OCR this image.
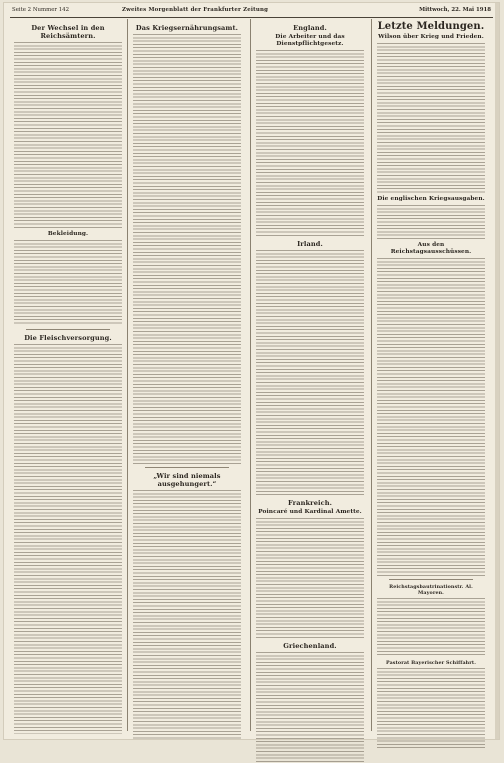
Seite 2 Nummer 142	Zweites Morgenblatt der Frankfurter Zeitung	Mittwoch, 22. Mai 1918
Der Wechsel in den Reichsämtern.
Bekleidung.
Die Fleischversorgung.
Das Kriegsernährungsamt.
„Wir sind niemals ausgehungert.“
England.
Die Arbeiter und das Dienstpflichtgesetz.
Irland.
Frankreich.
Poincaré und Kardinal Amette.
Griechenland.
Letzte Meldungen.
Wilson über Krieg und Frieden.
Die englischen Kriegsausgaben.
Aus den Reichstagsausschüssen.
Reichstagsbautrinationstr. Al. Mayoren.
Pastorat Bayerischer Schiffahrt.
